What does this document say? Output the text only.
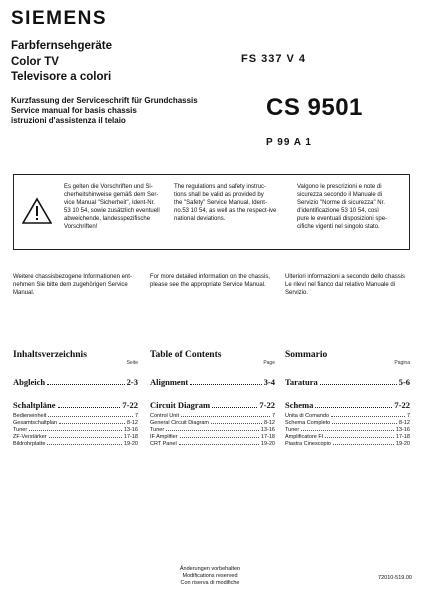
SIEMENS
Farbfernsehgeräte
Color TV
Televisore a colori
FS 337 V 4
Kurzfassung der Serviceschrift für Grundchassis
Service manual for basis chassis
istruzioni d'assistenza il telaio	CS 9501
P 99 A 1
Es gelten die Vorschriften und Si-
cherheitshinweise gemäß dem Ser-
vice Manual "Sicherheit", Ident-Nr.
53 10 54, sowie zusätzlich eventuell
abweichende, landesspezifische
Vorschriften!
The regulations and safety instruc-
tions shall be valid as provided by
the "Safety" Service Manual, Ident-
no.53 10 54, as well as the respect-ive
national deviations.
Valgono le prescrizioni e note di
sicurezza secondo il Manuale di
Servizio "Norme di sicurezza" Nr.
d'identificazione 53 10 54, così
pure le eventuali disposizioni spe-
cifiche vigenti nel singolo stato.
Weitere chassisbezogene Informationen ent-
nehmen Sie bitte dem zugehörigen Service
Manual.
For more detailed information on the chassis,
please see the appropriate Service Manual.
Ulteriori informazioni a secondo dello chassis
Le rileví nel fianco dal relativo Manuale di
Servizio.
Inhaltsverzeichnis
Seite
Abgleich	2-3
Schaltpläne	7-22
Bedieneinheit	7
Gesamtschaltplan	8-12
Tuner	13-16
ZF-Verstärker	17-18
Bildrohrplatte	19-20
Table of Contents
Page
Alignment	3-4
Circuit Diagram	7-22
Control Unit	7
General Circuit Diagram	8-12
Tuner	13-16
IF Amplifier	17-18
CRT Panel	19-20
Sommario
Pagina
Taratura	5-6
Schema	7-22
Unita di Comando	7
Schema Completo	8-12
Tuner	13-16
Amplificatore FI	17-18
Piastra Cinescopio	19-20
Änderungen vorbehalten
Modifications reserved
Con riserva di modifiche
72010-519.00
